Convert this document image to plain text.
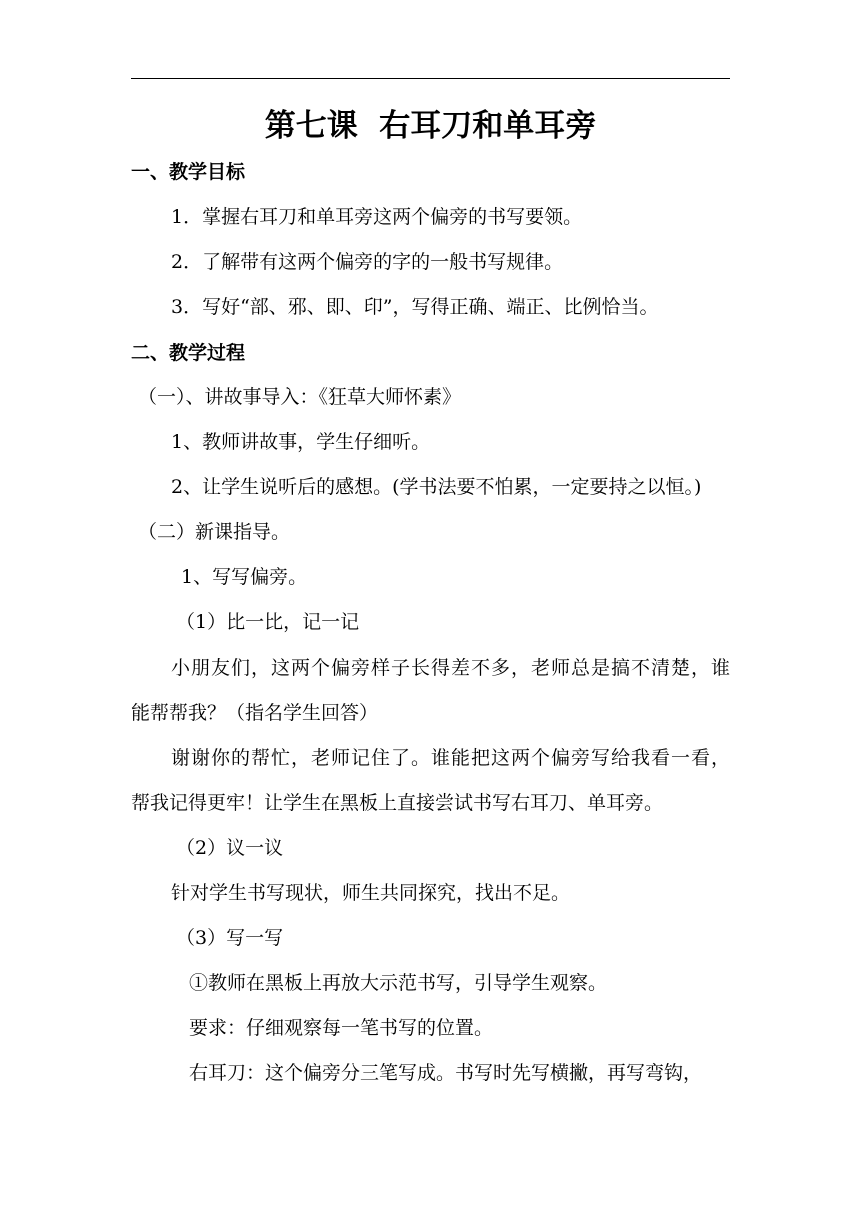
第七课  右耳刀和单耳旁
一、教学目标
1．掌握右耳刀和单耳旁这两个偏旁的书写要领。
2．了解带有这两个偏旁的字的一般书写规律。
3．写好“部、邪、即、印”，写得正确、端正、比例恰当。
二、教学过程
（一）、讲故事导入：《狂草大师怀素》
1、教师讲故事，学生仔细听。
2、让学生说听后的感想。(学书法要不怕累，一定要持之以恒。)
（二）新课指导。
1、写写偏旁。
（1）比一比，记一记
小朋友们，这两个偏旁样子长得差不多，老师总是搞不清楚，谁
能帮帮我？（指名学生回答）
谢谢你的帮忙，老师记住了。谁能把这两个偏旁写给我看一看，
帮我记得更牢！让学生在黑板上直接尝试书写右耳刀、单耳旁。
（2）议一议
针对学生书写现状，师生共同探究，找出不足。
（3）写一写
①教师在黑板上再放大示范书写，引导学生观察。
要求：仔细观察每一笔书写的位置。
右耳刀：这个偏旁分三笔写成。书写时先写横撇，再写弯钩，
